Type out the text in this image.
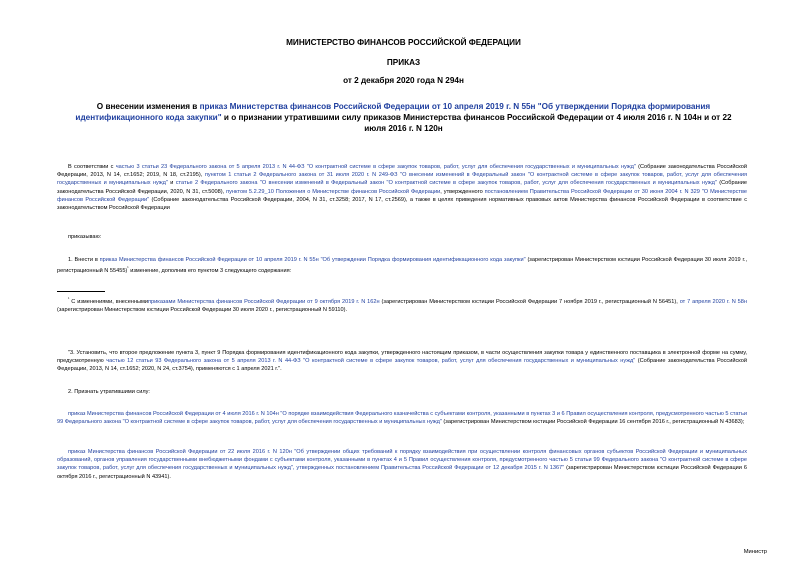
МИНИСТЕРСТВО ФИНАНСОВ РОССИЙСКОЙ ФЕДЕРАЦИИ
ПРИКАЗ
от 2 декабря 2020 года N 294н
О внесении изменения в приказ Министерства финансов Российской Федерации от 10 апреля 2019 г. N 55н "Об утверждении Порядка формирования идентификационного кода закупки" и о признании утратившими силу приказов Министерства финансов Российской Федерации от 4 июля 2016 г. N 104н и от 22 июля 2016 г. N 120н
В соответствии с частью 3 статьи 23 Федерального закона от 5 апреля 2013 г. N 44-ФЗ "О контрактной системе в сфере закупок товаров, работ, услуг для обеспечения государственных и муниципальных нужд" (Собрание законодательства Российской Федерации, 2013, N 14, ст.1652; 2019, N 18, ст.2195), пунктом 1 статьи 2 Федерального закона от 31 июля 2020 г. N 249-ФЗ "О внесении изменений в Федеральный закон "О контрактной системе в сфере закупок товаров, работ, услуг для обеспечения государственных и муниципальных нужд" и статье 2 Федерального закона "О внесении изменений в Федеральный закон "О контрактной системе в сфере закупок товаров, работ, услуг для обеспечения государственных и муниципальных нужд" (Собрание законодательства Российской Федерации, 2020, N 31, ст.5008), пунктом 5.2.29_10 Положения о Министерстве финансов Российской Федерации, утвержденного постановлением Правительства Российской Федерации от 30 июня 2004 г. N 329 "О Министерстве финансов Российской Федерации" (Собрание законодательства Российской Федерации, 2004, N 31, ст.3258; 2017, N 17, ст.2569), а также в целях приведения нормативных правовых актов Министерства финансов Российской Федерации в соответствие с законодательством Российской Федерации
приказываю:
1. Внести в приказ Министерства финансов Российской Федерации от 10 апреля 2019 г. N 55н "Об утверждении Порядка формирования идентификационного кода закупки" (зарегистрирован Министерством юстиции Российской Федерации 30 июля 2019 г., регистрационный N 55455)$^{^1}$ изменение, дополнив его пунктом 3 следующего содержания:
$^{^1}$ С изменениями, внесеннымиприказами Министерства финансов Российской Федерации от 9 октября 2019 г. N 162н (зарегистрирован Министерством юстиции Российской Федерации 7 ноября 2019 г., регистрационный N 56451), от 7 апреля 2020 г. N 58н (зарегистрирован Министерством юстиции Российской Федерации 30 июля 2020 г., регистрационный N 59110).
"3. Установить, что второе предложение пункта 3, пункт 9 Порядка формирования идентификационного кода закупки, утвержденного настоящим приказом, в части осуществления закупки товара у единственного поставщика в электронной форме на сумму, предусмотренную частью 12 статьи 93 Федерального закона от 5 апреля 2013 г. N 44-ФЗ "О контрактной системе в сфере закупок товаров, работ, услуг для обеспечения государственных и муниципальных нужд" (Собрание законодательства Российской Федерации, 2013, N 14, ст.1652; 2020, N 24, ст.3754), применяются с 1 апреля 2021 г.".
2. Признать утратившими силу:
приказ Министерства финансов Российской Федерации от 4 июля 2016 г. N 104н "О порядке взаимодействия Федерального казначейства с субъектами контроля, указанными в пунктах 3 и 6 Правил осуществления контроля, предусмотренного частью 5 статьи 99 Федерального закона "О контрактной системе в сфере закупок товаров, работ, услуг для обеспечения государственных и муниципальных нужд" (зарегистрирован Министерством юстиции Российской Федерации 16 сентября 2016 г., регистрационный N 43683);
приказ Министерства финансов Российской Федерации от 22 июля 2016 г. N 120н "Об утверждении общих требований к порядку взаимодействия при осуществлении контроля финансовых органов субъектов Российской Федерации и муниципальных образований, органов управления государственными внебюджетными фондами с субъектами контроля, указанными в пунктах 4 и 5 Правил осуществления контроля, предусмотренного частью 5 статьи 99 Федерального закона "О контрактной системе в сфере закупок товаров, работ, услуг для обеспечения государственных и муниципальных нужд", утвержденных постановлением Правительства Российской Федерации от 12 декабря 2015 г. N 1367" (зарегистрирован Министерством юстиции Российской Федерации 6 октября 2016 г., регистрационный N 43941).
Министр
